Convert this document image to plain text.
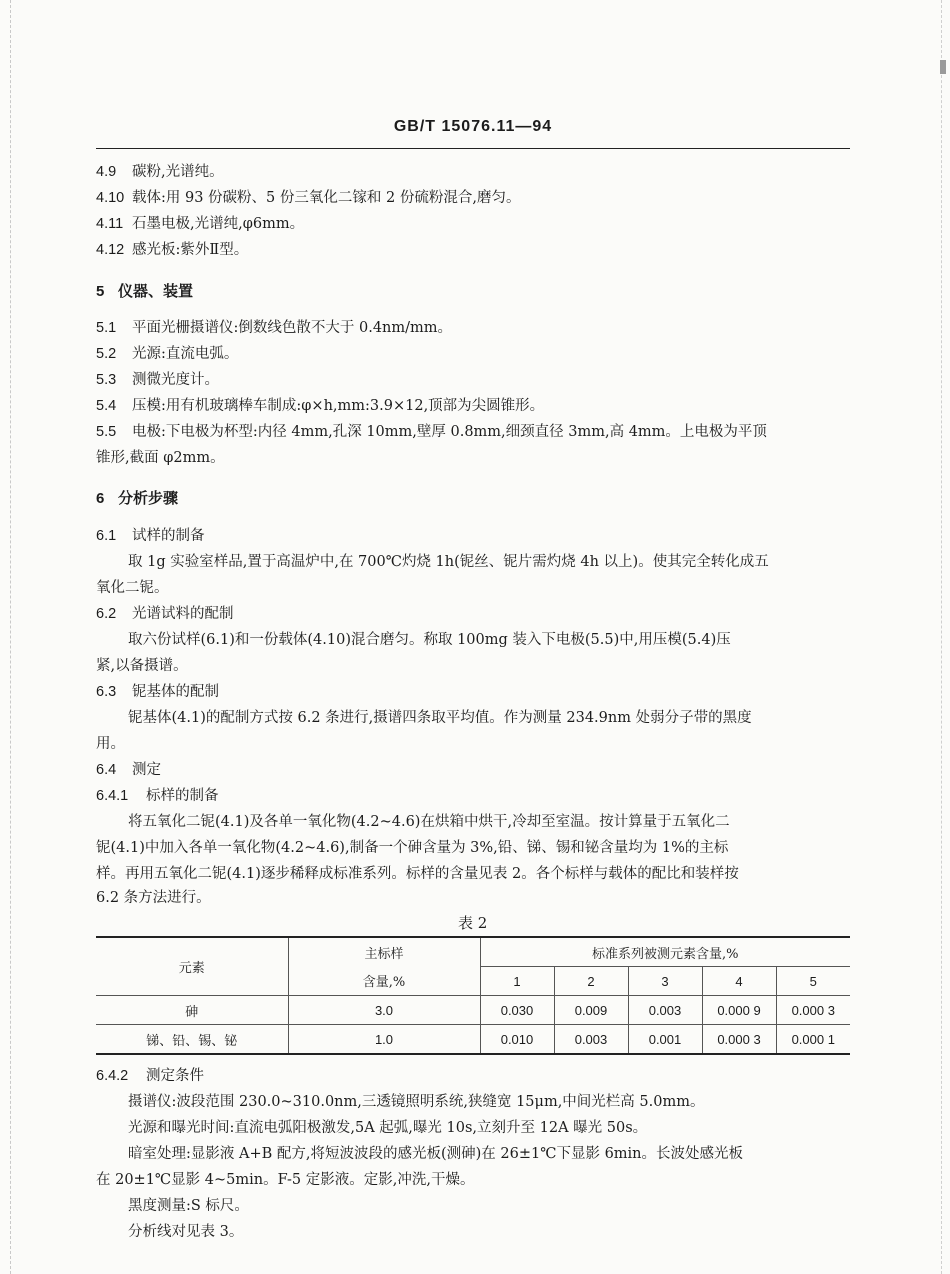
GB/T 15076.11—94
4.9 碳粉,光谱纯。
4.10 载体:用 93 份碳粉、5 份三氧化二镓和 2 份硫粉混合,磨匀。
4.11 石墨电极,光谱纯,φ6mm。
4.12 感光板:紫外Ⅱ型。
5 仪器、装置
5.1 平面光栅摄谱仪:倒数线色散不大于 0.4nm/mm。
5.2 光源:直流电弧。
5.3 测微光度计。
5.4 压模:用有机玻璃棒车制成:φ×h,mm:3.9×12,顶部为尖圆锥形。
5.5 电极:下电极为杯型:内径 4mm,孔深 10mm,壁厚 0.8mm,细颈直径 3mm,高 4mm。上电极为平顶
锥形,截面 φ2mm。
6 分析步骤
6.1 试样的制备
取 1g 实验室样品,置于高温炉中,在 700℃灼烧 1h(铌丝、铌片需灼烧 4h 以上)。使其完全转化成五
氧化二铌。
6.2 光谱试料的配制
取六份试样(6.1)和一份载体(4.10)混合磨匀。称取 100mg 装入下电极(5.5)中,用压模(5.4)压
紧,以备摄谱。
6.3 铌基体的配制
铌基体(4.1)的配制方式按 6.2 条进行,摄谱四条取平均值。作为测量 234.9nm 处弱分子带的黑度
用。
6.4 测定
6.4.1 标样的制备
将五氧化二铌(4.1)及各单一氧化物(4.2~4.6)在烘箱中烘干,冷却至室温。按计算量于五氧化二
铌(4.1)中加入各单一氧化物(4.2~4.6),制备一个砷含量为 3%,铅、锑、锡和铋含量均为 1%的主标
样。再用五氧化二铌(4.1)逐步稀释成标准系列。标样的含量见表 2。各个标样与载体的配比和装样按
6.2 条方法进行。
表 2
元素	主标样	标准系列被测元素含量,%				
	含量,%	1	2	3	4	5
砷	3.0	0.030	0.009	0.003	0.000 9	0.000 3
锑、铅、锡、铋	1.0	0.010	0.003	0.001	0.000 3	0.000 1
6.4.2 测定条件
摄谱仪:波段范围 230.0~310.0nm,三透镜照明系统,狭缝宽 15μm,中间光栏高 5.0mm。
光源和曝光时间:直流电弧阳极激发,5A 起弧,曝光 10s,立刻升至 12A 曝光 50s。
暗室处理:显影液 A+B 配方,将短波波段的感光板(测砷)在 26±1℃下显影 6min。长波处感光板
在 20±1℃显影 4~5min。F-5 定影液。定影,冲洗,干燥。
黑度测量:S 标尺。
分析线对见表 3。
